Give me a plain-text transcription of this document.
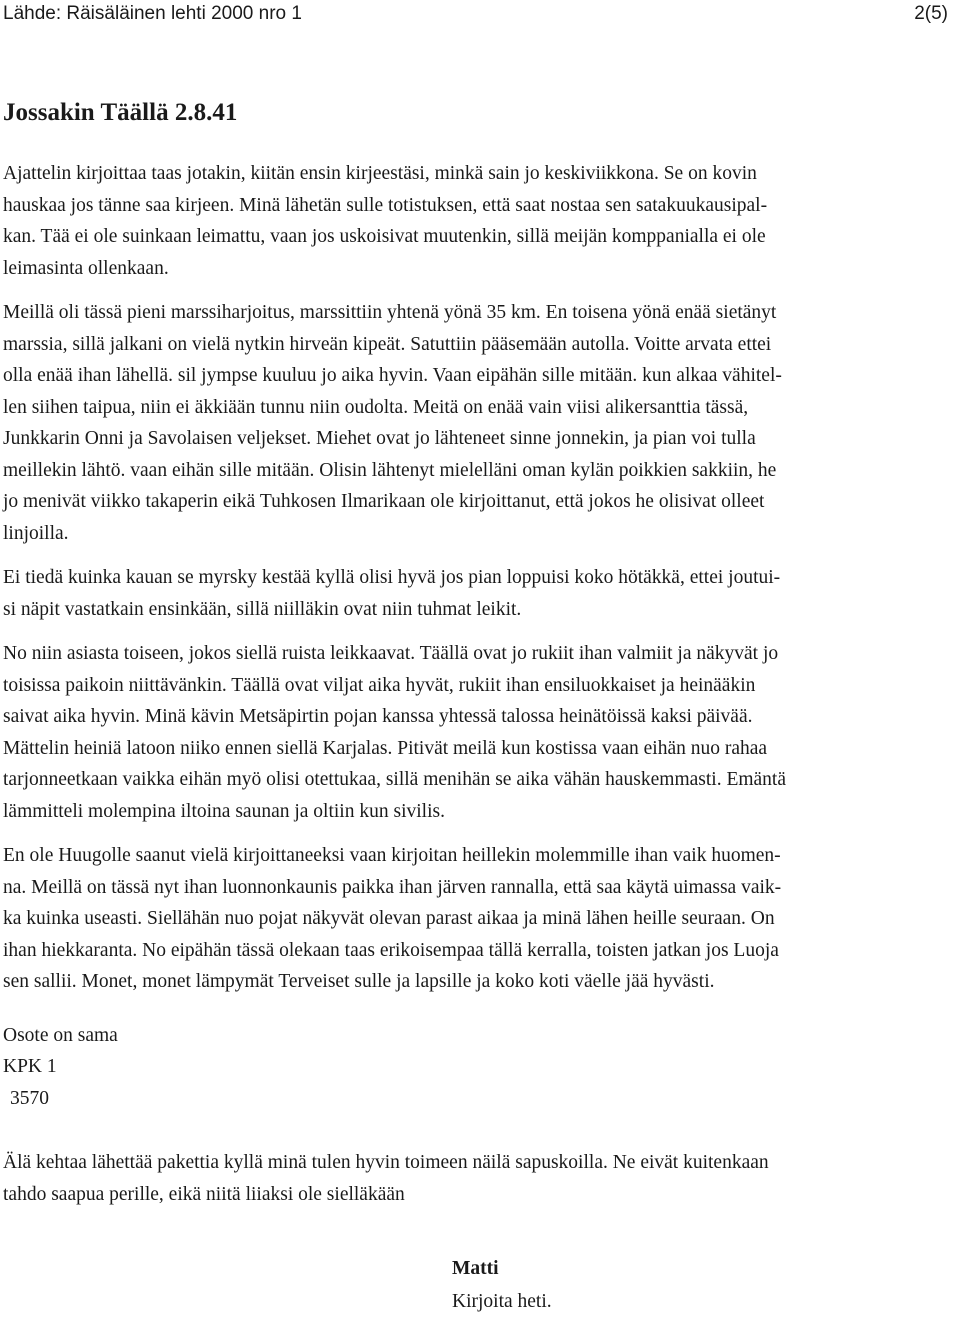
Lähde: Räisäläinen lehti 2000 nro 1	2(5)
Jossakin Täällä 2.8.41
Ajattelin kirjoittaa taas jotakin, kiitän ensin kirjeestäsi, minkä sain jo keskiviikkona. Se on kovin
hauskaa jos tänne saa kirjeen. Minä lähetän sulle totistuksen, että saat nostaa sen satakuukausipal-
kan. Tää ei ole suinkaan leimattu, vaan jos uskoisivat muutenkin, sillä meijän komppanialla ei ole
leimasinta ollenkaan.
Meillä oli tässä pieni marssiharjoitus, marssittiin yhtenä yönä 35 km. En toisena yönä enää sietänyt
marssia, sillä jalkani on vielä nytkin hirveän kipeät. Satuttiin pääsemään autolla. Voitte arvata ettei
olla enää ihan lähellä. sil jympse kuuluu jo aika hyvin. Vaan eipähän sille mitään. kun alkaa vähitel-
len siihen taipua, niin ei äkkiään tunnu niin oudolta. Meitä on enää vain viisi alikersanttia tässä,
Junkkarin Onni ja Savolaisen veljekset. Miehet ovat jo lähteneet sinne jonnekin, ja pian voi tulla
meillekin lähtö. vaan eihän sille mitään. Olisin lähtenyt mielelläni oman kylän poikkien sakkiin, he
jo menivät viikko takaperin eikä Tuhkosen Ilmarikaan ole kirjoittanut, että jokos he olisivat olleet
linjoilla.
Ei tiedä kuinka kauan se myrsky kestää kyllä olisi hyvä jos pian loppuisi koko hötäkkä, ettei joutui-
si näpit vastatkain ensinkään, sillä niilläkin ovat niin tuhmat leikit.
No niin asiasta toiseen, jokos siellä ruista leikkaavat. Täällä ovat jo rukiit ihan valmiit ja näkyvät jo
toisissa paikoin niittävänkin. Täällä ovat viljat aika hyvät, rukiit ihan ensiluokkaiset ja heinääkin
saivat aika hyvin. Minä kävin Metsäpirtin pojan kanssa yhtessä talossa heinätöissä kaksi päivää.
Mättelin heiniä latoon niiko ennen siellä Karjalas. Pitivät meilä kun kostissa vaan eihän nuo rahaa
tarjonneetkaan vaikka eihän myö olisi otettukaa, sillä menihän se aika vähän hauskemmasti. Emäntä
lämmitteli molempina iltoina saunan ja oltiin kun sivilis.
En ole Huugolle saanut vielä kirjoittaneeksi vaan kirjoitan heillekin molemmille ihan vaik huomen-
na. Meillä on tässä nyt ihan luonnonkaunis paikka ihan järven rannalla, että saa käytä uimassa vaik-
ka kuinka useasti. Siellähän nuo pojat näkyvät olevan parast aikaa ja minä lähen heille seuraan. On
ihan hiekkaranta. No eipähän tässä olekaan taas erikoisempaa tällä kerralla, toisten jatkan jos Luoja
sen sallii. Monet, monet lämpymät Terveiset sulle ja lapsille ja koko koti väelle jää hyvästi.
Osote on sama
KPK 1
3570
Älä kehtaa lähettää pakettia kyllä minä tulen hyvin toimeen näilä sapuskoilla. Ne eivät kuitenkaan
tahdo saapua perille, eikä niitä liiaksi ole sielläkään
Matti
Kirjoita heti.
